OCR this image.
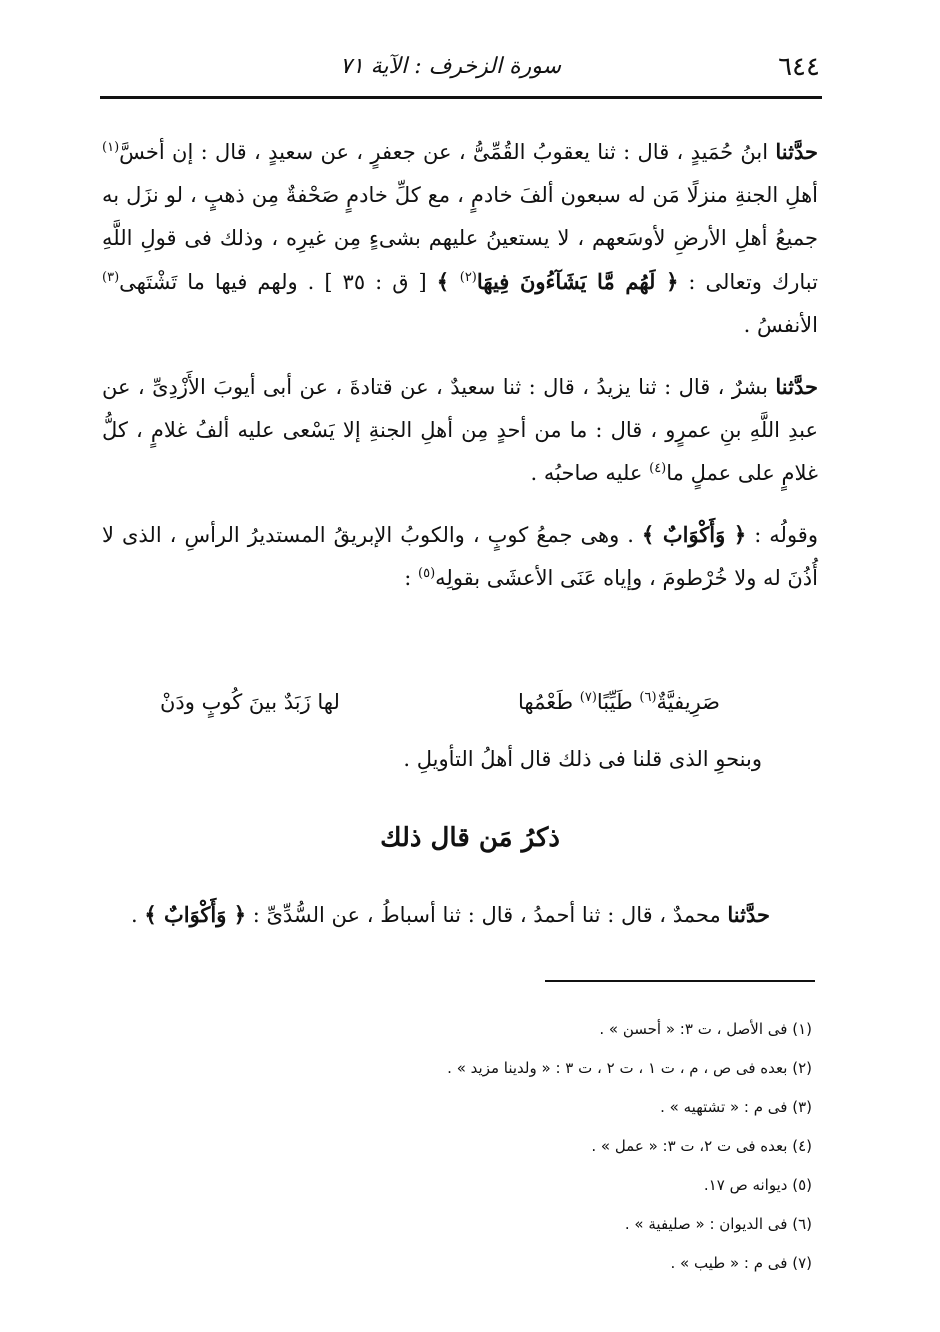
٦٤٤
سورة الزخرف : الآية ٧١

حدَّثنا ابنُ حُمَيدٍ ، قال : ثنا يعقوبُ القُمِّىُّ ، عن جعفرٍ ، عن سعيدٍ ، قال : إن أخسَّ$^{(١)}$ أهلِ الجنةِ منزلًا مَن له سبعون ألفَ خادمٍ ، مع كلِّ خادمٍ صَحْفةٌ مِن ذهبٍ ، لو نزَل به جميعُ أهلِ الأرضِ لأوسَعهم ، لا يستعينُ عليهم بشىءٍ مِن غيرِه ، وذلك فى قولِ اللَّهِ تبارك وتعالى : ﴿ لَهُم مَّا يَشَآءُونَ فِيهَا$^{(٢)}$ ﴾ [ ق : ٣٥ ] . ولهم فيها ما تَشْتَهى$^{(٣)}$ الأنفسُ .

حدَّثنا بشرٌ ، قال : ثنا يزيدُ ، قال : ثنا سعيدٌ ، عن قتادةَ ، عن أبى أيوبَ الأَزْدِىِّ ، عن عبدِ اللَّهِ بنِ عمرٍو ، قال : ما من أحدٍ مِن أهلِ الجنةِ إلا يَسْعى عليه ألفُ غلامٍ ، كلُّ غلامٍ على عملٍ ما$^{(٤)}$ عليه صاحبُه .

وقولُه : ﴿ وَأَكْوَابٌ ﴾ . وهى جمعُ كوبٍ ، والكوبُ الإبريقُ المستديرُ الرأسِ ، الذى لا أُذُنَ له ولا خُرْطومَ ، وإياه عَنَى الأعشَى بقولِه$^{(٥)}$ :

صَرِيفيَّةٌ$^{(٦)}$ طَيِّبًا$^{(٧)}$ طَعْمُها
لها زَبَدٌ بينَ كُوبٍ ودَنْ
وبنحوِ الذى قلنا فى ذلك قال أهلُ التأويلِ .
ذكرُ مَن قال ذلك
حدَّثنا محمدٌ ، قال : ثنا أحمدُ ، قال : ثنا أسباطُ ، عن السُّدِّىِّ : ﴿ وَأَكْوَابٌ ﴾ .
(١) فى الأصل ، ت ٣: « أحسن » .
(٢) بعده فى ص ، م ، ت ١ ، ت ٢ ، ت ٣ : « ولدينا مزيد » .
(٣) فى م : « تشتهيه » .
(٤) بعده فى ت ٢، ت ٣: « عمل » .
(٥) ديوانه ص ١٧.
(٦) فى الديوان : « صليفية » .
(٧) فى م : « طيب » .
